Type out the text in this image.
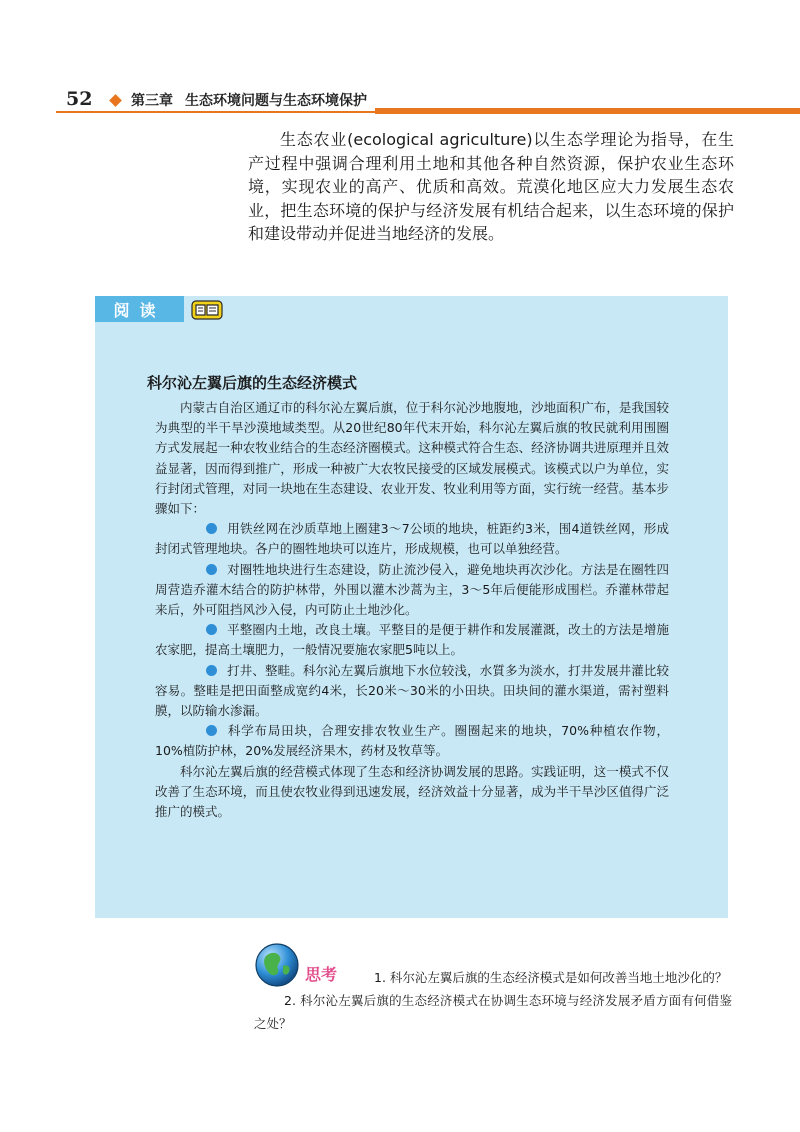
52	第三章 生态环境问题与生态环境保护

生态农业(ecological agriculture)以生态学理论为指导，在生产过程中强调合理利用土地和其他各种自然资源，保护农业生态环境，实现农业的高产、优质和高效。荒漠化地区应大力发展生态农业，把生态环境的保护与经济发展有机结合起来，以生态环境的保护和建设带动并促进当地经济的发展。

阅读
科尔沁左翼后旗的生态经济模式

内蒙古自治区通辽市的科尔沁左翼后旗，位于科尔沁沙地腹地，沙地面积广布，是我国较为典型的半干旱沙漠地域类型。从20世纪80年代末开始，科尔沁左翼后旗的牧民就利用围圈方式发展起一种农牧业结合的生态经济圈模式。这种模式符合生态、经济协调共进原理并且效益显著，因而得到推广，形成一种被广大农牧民接受的区域发展模式。该模式以户为单位，实行封闭式管理，对同一块地在生态建设、农业开发、牧业利用等方面，实行统一经营。基本步骤如下：

用铁丝网在沙质草地上圈建3～7公顷的地块，桩距约3米，围4道铁丝网，形成封闭式管理地块。各户的圈牲地块可以连片，形成规模，也可以单独经营。

对圈牲地块进行生态建设，防止流沙侵入，避免地块再次沙化。方法是在圈牲四周营造乔灌木结合的防护林带，外围以灌木沙蒿为主，3～5年后便能形成围栏。乔灌林带起来后，外可阻挡风沙入侵，内可防止土地沙化。

平整圈内土地，改良土壤。平整目的是便于耕作和发展灌溉，改土的方法是增施农家肥，提高土壤肥力，一般情况要施农家肥5吨以上。

打井、整畦。科尔沁左翼后旗地下水位较浅，水質多为淡水，打井发展井灌比较容易。整畦是把田面整成宽约4米，长20米～30米的小田块。田块间的灌水渠道，需衬塑料膜，以防输水渗漏。

科学布局田块，合理安排农牧业生产。圈圈起来的地块，70%种植农作物，10%植防护林，20%发展经济果木，药材及牧草等。

科尔沁左翼后旗的经营模式体现了生态和经济协调发展的思路。实践证明，这一模式不仅改善了生态环境，而且使农牧业得到迅速发展，经济效益十分显著，成为半干旱沙区值得广泛推广的模式。

思考	1. 科尔沁左翼后旗的生态经济模式是如何改善当地土地沙化的？

2. 科尔沁左翼后旗的生态经济模式在协调生态环境与经济发展矛盾方面有何借鉴之处？
